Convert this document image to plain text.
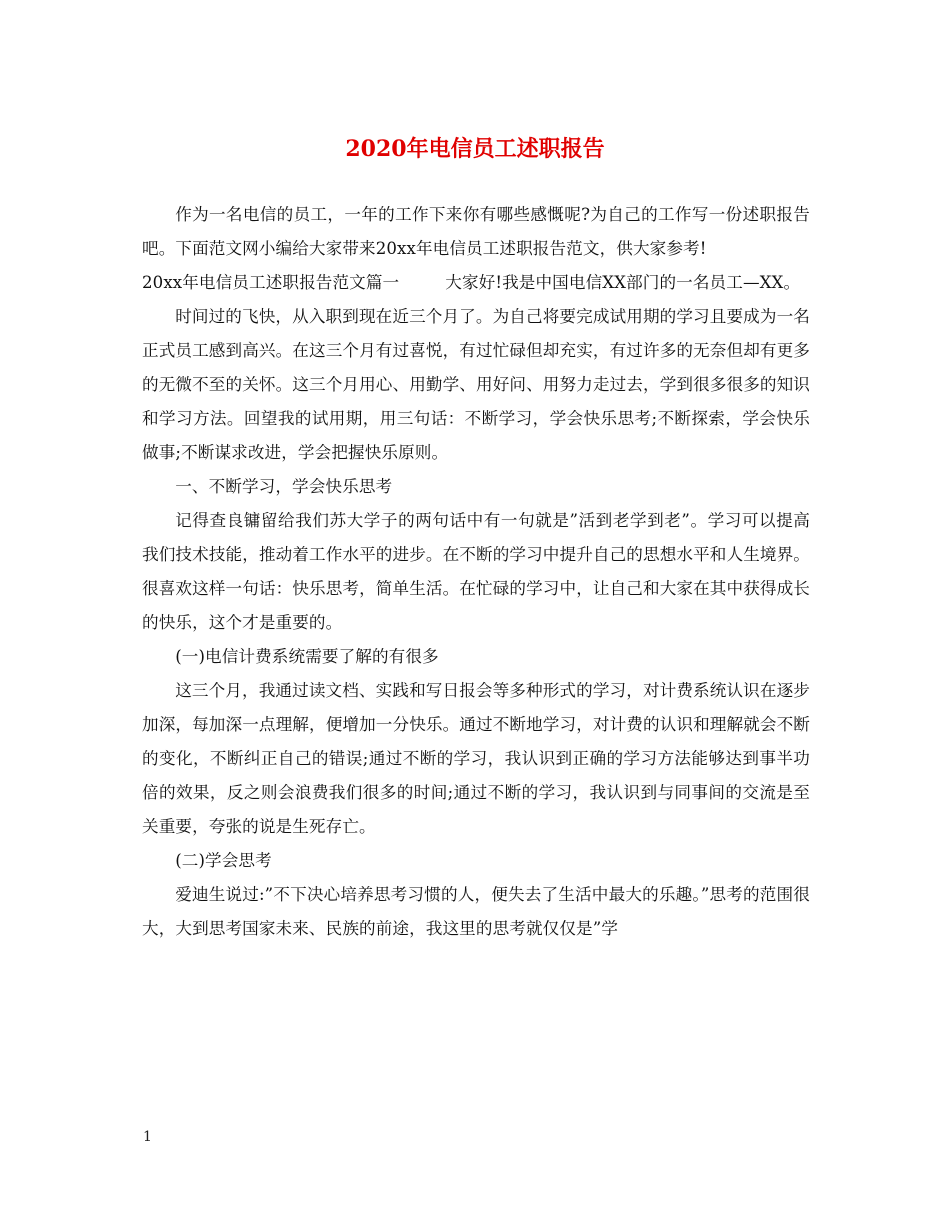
2020年电信员工述职报告

作为一名电信的员工，一年的工作下来你有哪些感慨呢?为自己的工作写一份述职报告吧。下面范文网小编给大家带来20xx年电信员工述职报告范文，供大家参考!

20xx年电信员工述职报告范文篇一	大家好!我是中国电信XX部门的一名员工—XX。

时间过的飞快，从入职到现在近三个月了。为自己将要完成试用期的学习且要成为一名正式员工感到高兴。在这三个月有过喜悦，有过忙碌但却充实，有过许多的无奈但却有更多的无微不至的关怀。这三个月用心、用勤学、用好问、用努力走过去，学到很多很多的知识和学习方法。回望我的试用期，用三句话：不断学习，学会快乐思考;不断探索，学会快乐做事;不断谋求改进，学会把握快乐原则。

一、不断学习，学会快乐思考

记得查良镛留给我们苏大学子的两句话中有一句就是”活到老学到老”。学习可以提高我们技术技能，推动着工作水平的进步。在不断的学习中提升自己的思想水平和人生境界。很喜欢这样一句话：快乐思考，简单生活。在忙碌的学习中，让自己和大家在其中获得成长的快乐，这个才是重要的。

(一)电信计费系统需要了解的有很多

这三个月，我通过读文档、实践和写日报会等多种形式的学习，对计费系统认识在逐步加深，每加深一点理解，便增加一分快乐。通过不断地学习，对计费的认识和理解就会不断的变化，不断纠正自己的错误;通过不断的学习，我认识到正确的学习方法能够达到事半功倍的效果，反之则会浪费我们很多的时间;通过不断的学习，我认识到与同事间的交流是至关重要，夸张的说是生死存亡。

(二)学会思考

爱迪生说过:”不下决心培养思考习惯的人，便失去了生活中最大的乐趣。”思考的范围很大，大到思考国家未来、民族的前途，我这里的思考就仅仅是”学

1
